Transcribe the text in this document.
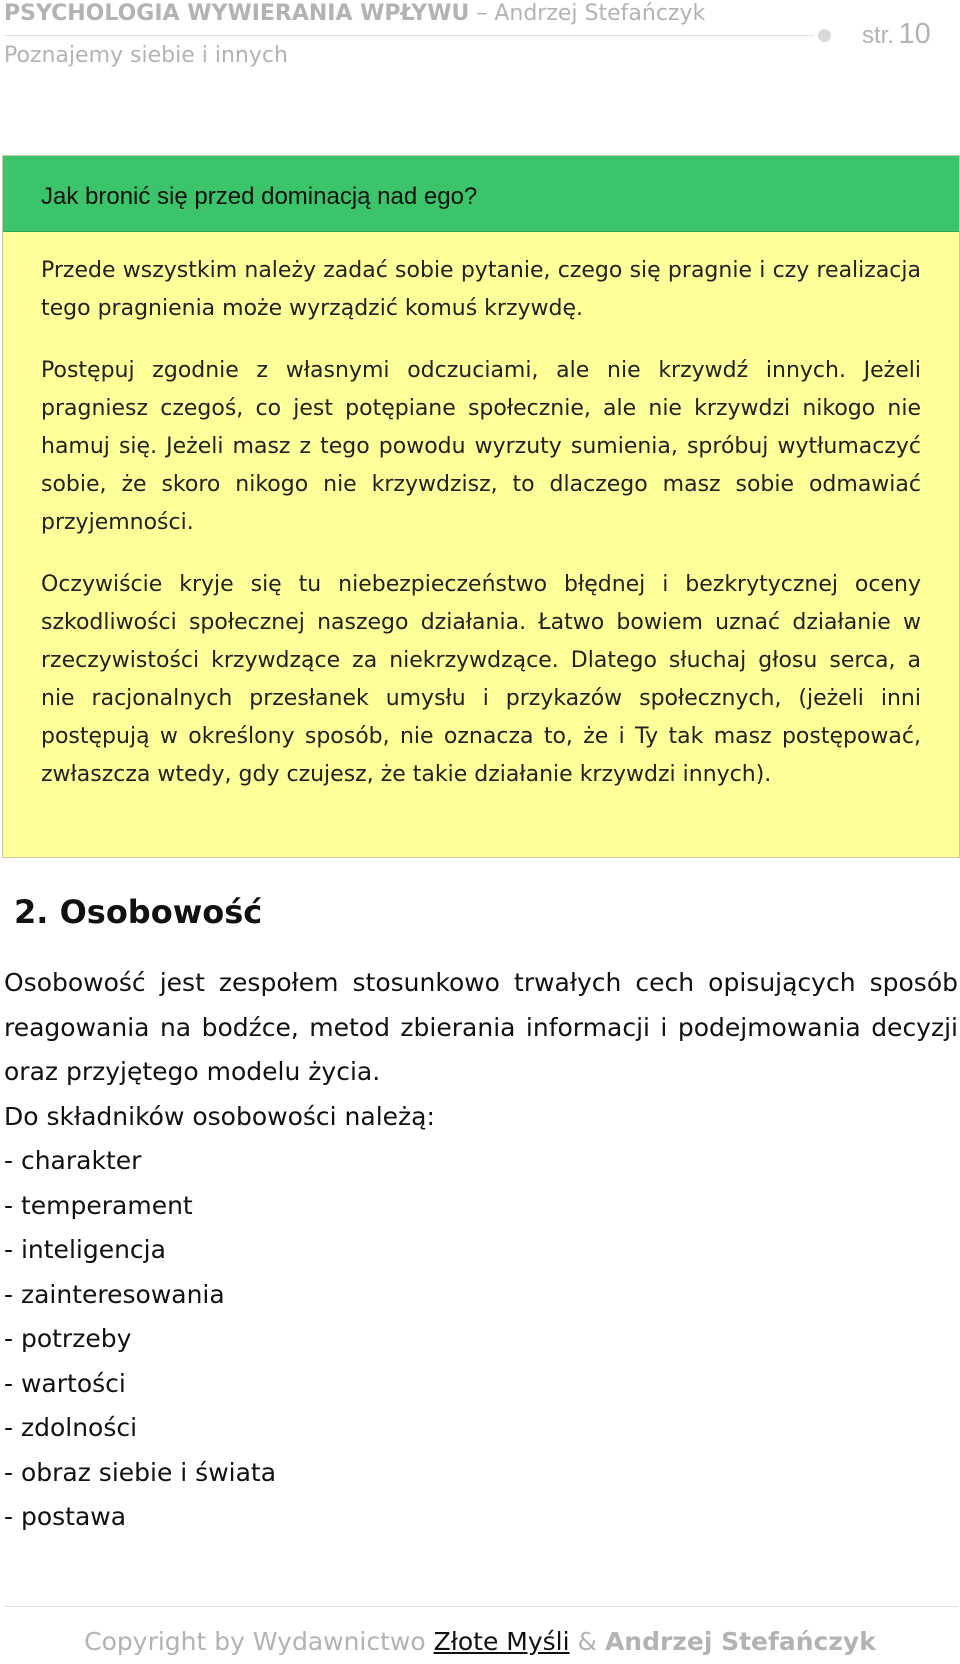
PSYCHOLOGIA WYWIERANIA WPŁYWU – Andrzej Stefańczyk
str. 10
Poznajemy siebie i innych
Jak bronić się przed dominacją nad ego?

Przede wszystkim należy zadać sobie pytanie, czego się pragnie i czy realizacja tego pragnienia może wyrządzić komuś krzywdę.

Postępuj zgodnie z własnymi odczuciami, ale nie krzywdź innych. Jeżeli pragniesz czegoś, co jest potępiane społecznie, ale nie krzywdzi nikogo nie hamuj się. Jeżeli masz z tego powodu wyrzuty sumienia, spróbuj wytłumaczyć sobie, że skoro nikogo nie krzywdzisz, to dlaczego masz sobie odmawiać przyjemności.

Oczywiście kryje się tu niebezpieczeństwo błędnej i bezkrytycznej oceny szkodliwości społecznej naszego działania. Łatwo bowiem uznać działanie w rzeczywistości krzywdzące za niekrzywdzące. Dlatego słuchaj głosu serca, a nie racjonalnych przesłanek umysłu i przykazów społecznych, (jeżeli inni postępują w określony sposób, nie oznacza to, że i Ty tak masz postępować, zwłaszcza wtedy, gdy czujesz, że takie działanie krzywdzi innych).

2. Osobowość

Osobowość jest zespołem stosunkowo trwałych cech opisujących sposób reagowania na bodźce, metod zbierania informacji i podejmowania decyzji oraz przyjętego modelu życia.

Do składników osobowości należą:

- charakter
- temperament
- inteligencja
- zainteresowania
- potrzeby
- wartości
- zdolności
- obraz siebie i świata
- postawa
Copyright by Wydawnictwo Złote Myśli & Andrzej Stefańczyk
